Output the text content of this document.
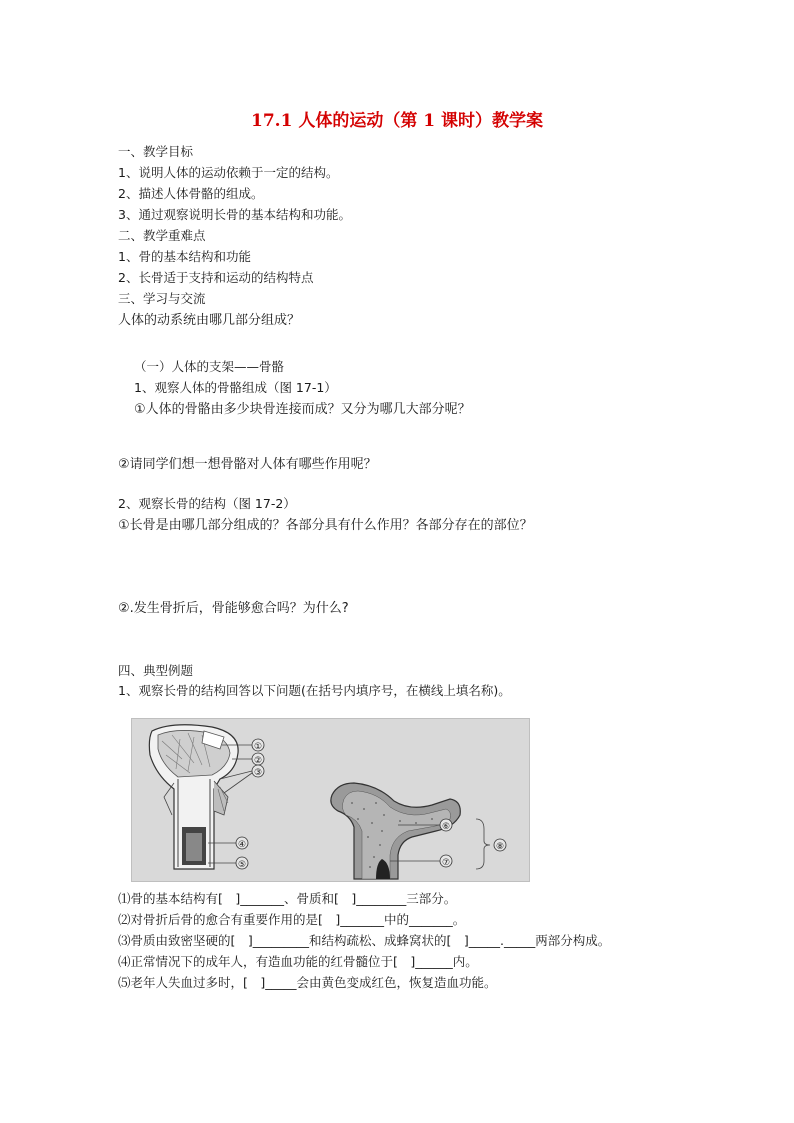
17.1 人体的运动（第 1 课时）教学案
一、教学目标
1、说明人体的运动依赖于一定的结构。
2、描述人体骨骼的组成。
3、通过观察说明长骨的基本结构和功能。
二、教学重难点
1、骨的基本结构和功能
2、长骨适于支持和运动的结构特点
三、学习与交流
人体的动系统由哪几部分组成？
（一）人体的支架——骨骼
1、观察人体的骨骼组成（图 17-1）
①人体的骨骼由多少块骨连接而成？又分为哪几大部分呢？
②请同学们想一想骨骼对人体有哪些作用呢？
2、观察长骨的结构（图 17-2）
①长骨是由哪几部分组成的？各部分具有什么作用？各部分存在的部位？
②.发生骨折后，骨能够愈合吗？为什么?
四、典型例题
1、观察长骨的结构回答以下问题(在括号内填序号，在横线上填名称)。
①
②
③
④
⑤
⑥
⑦
⑧
⑴骨的基本结构有[　]_______、骨质和[　]________三部分。
⑵对骨折后骨的愈合有重要作用的是[　]_______中的_______。
⑶骨质由致密坚硬的[　]_________和结构疏松、成蜂窝状的[　]_____._____两部分构成。
⑷正常情况下的成年人，有造血功能的红骨髓位于[　]______内。
⑸老年人失血过多时，[　]_____会由黄色变成红色，恢复造血功能。
